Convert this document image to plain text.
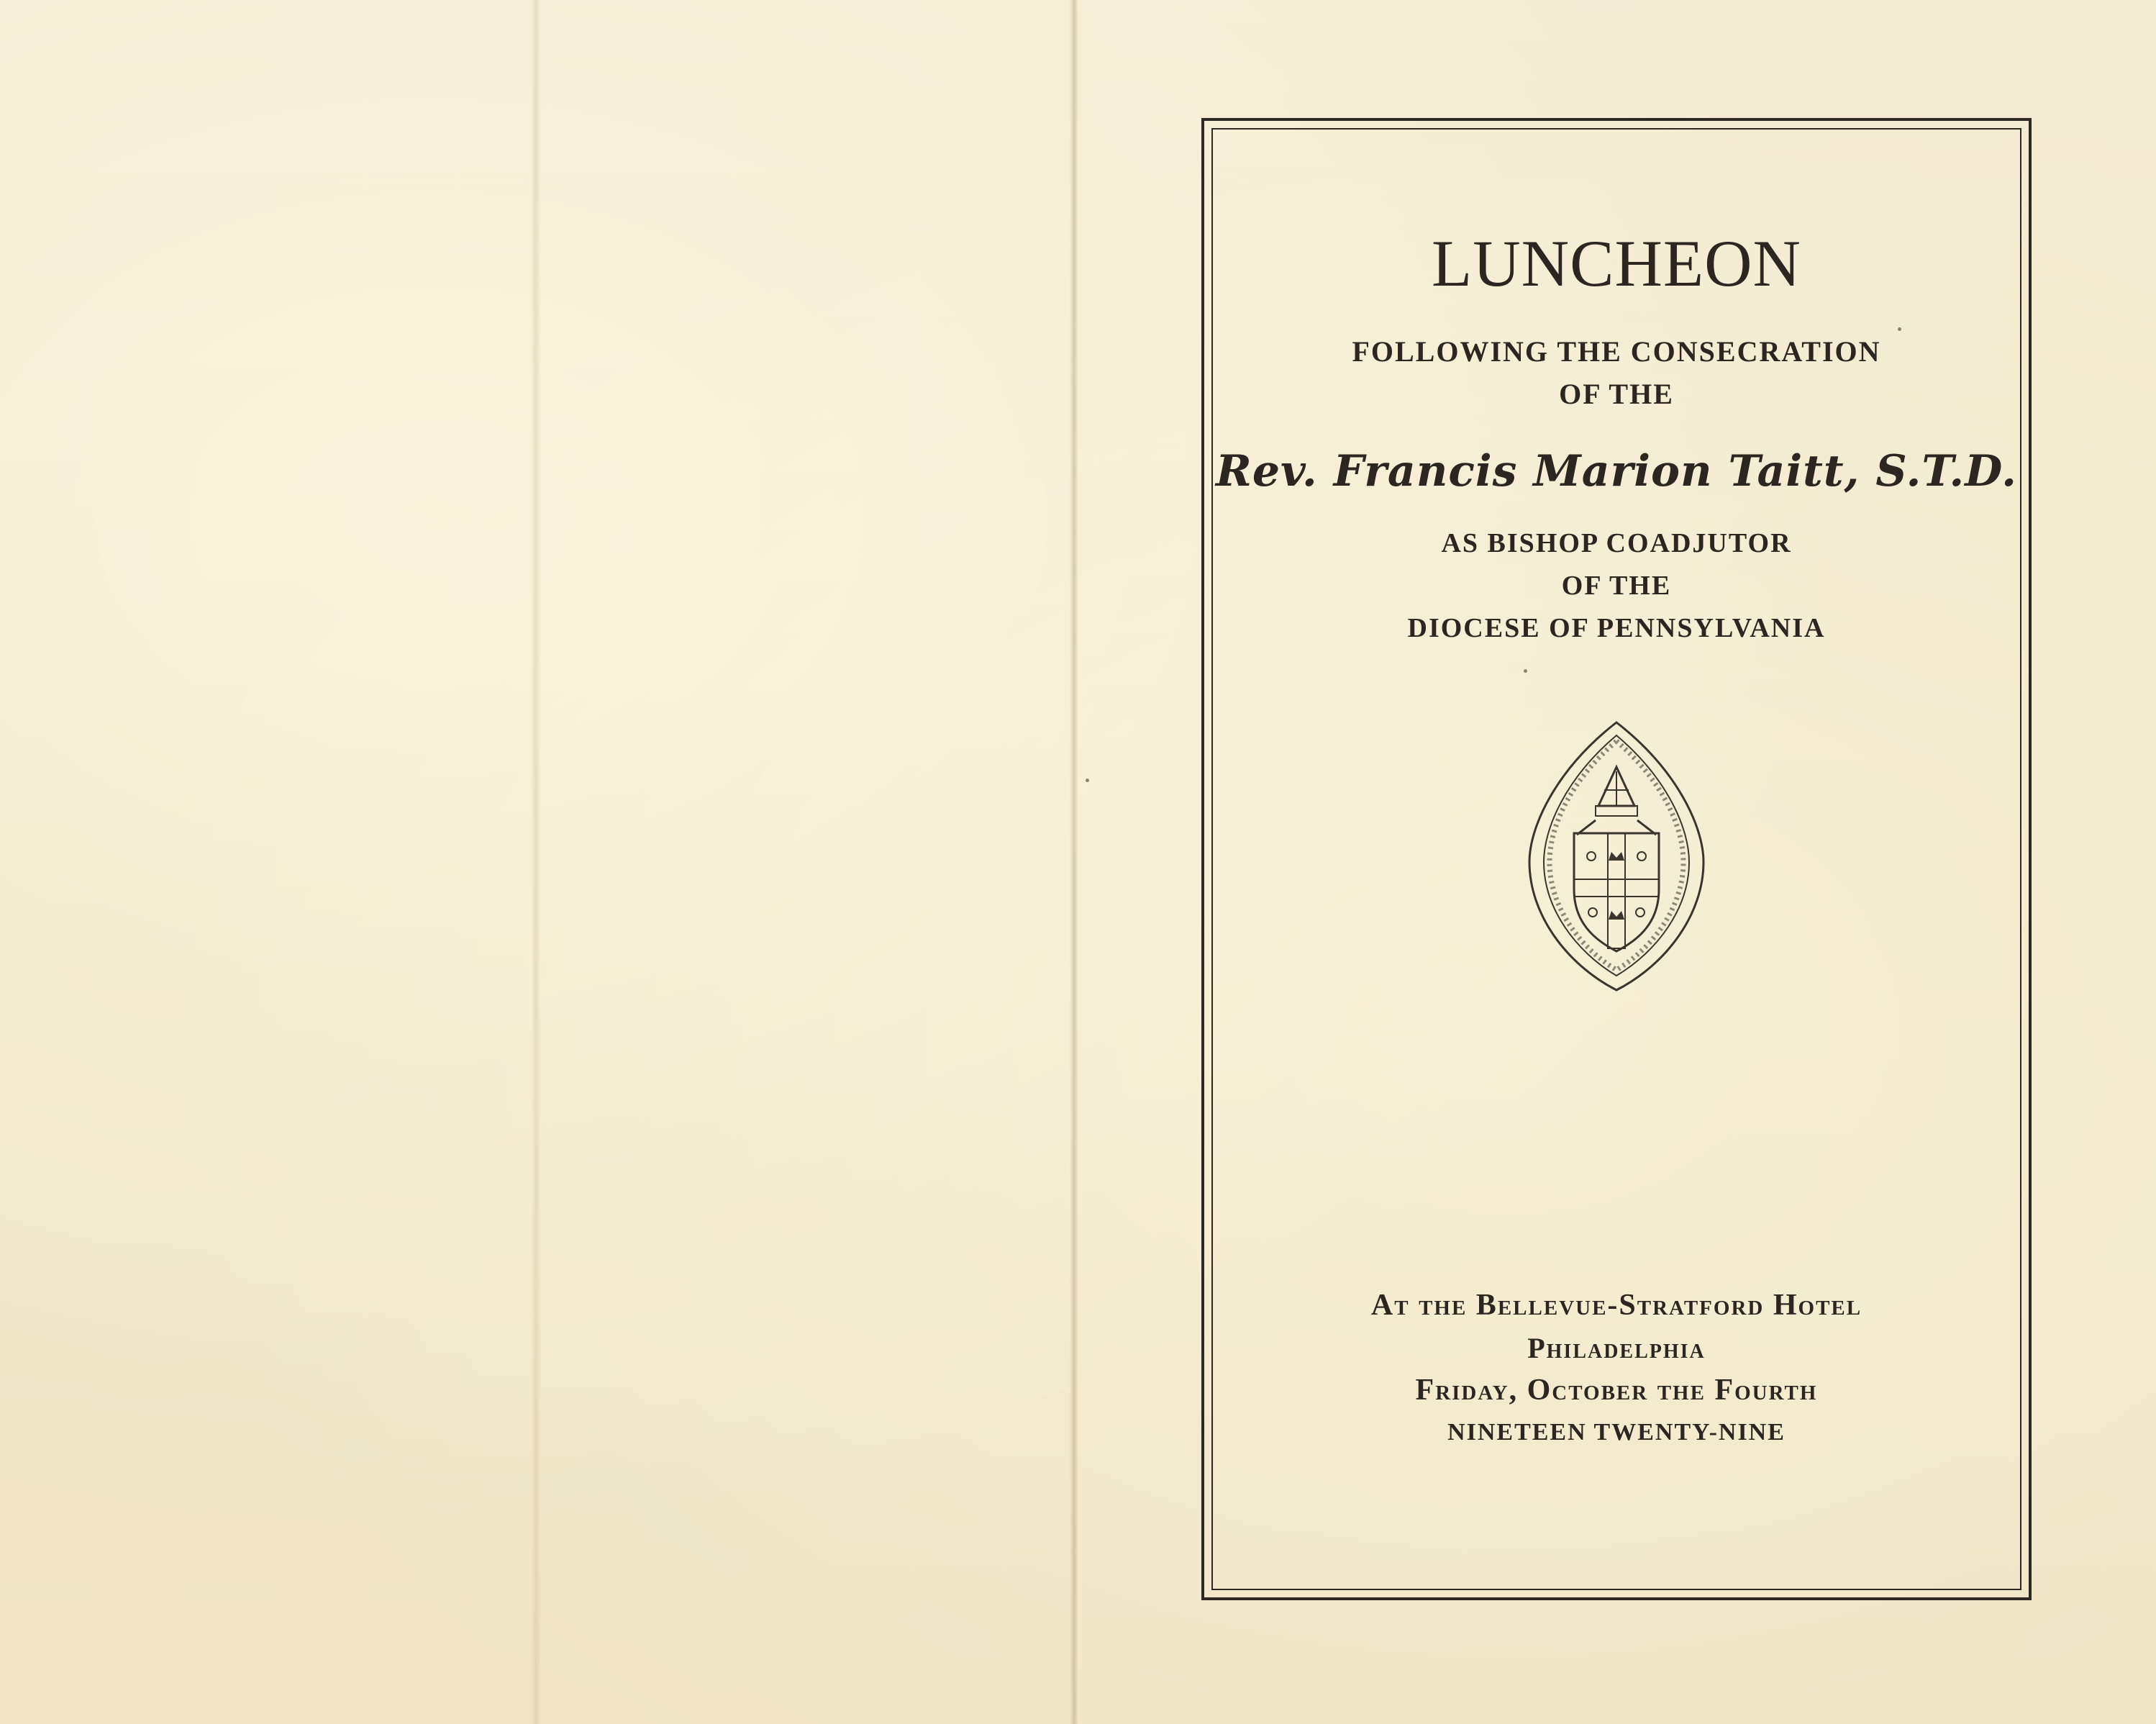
LUNCHEON
FOLLOWING THE CONSECRATION
OF THE
Rev. Francis Marion Taitt, S.T.D.
AS BISHOP COADJUTOR
OF THE
DIOCESE OF PENNSYLVANIA
At the Bellevue-Stratford Hotel
Philadelphia
Friday, October the Fourth
NINETEEN TWENTY-NINE
